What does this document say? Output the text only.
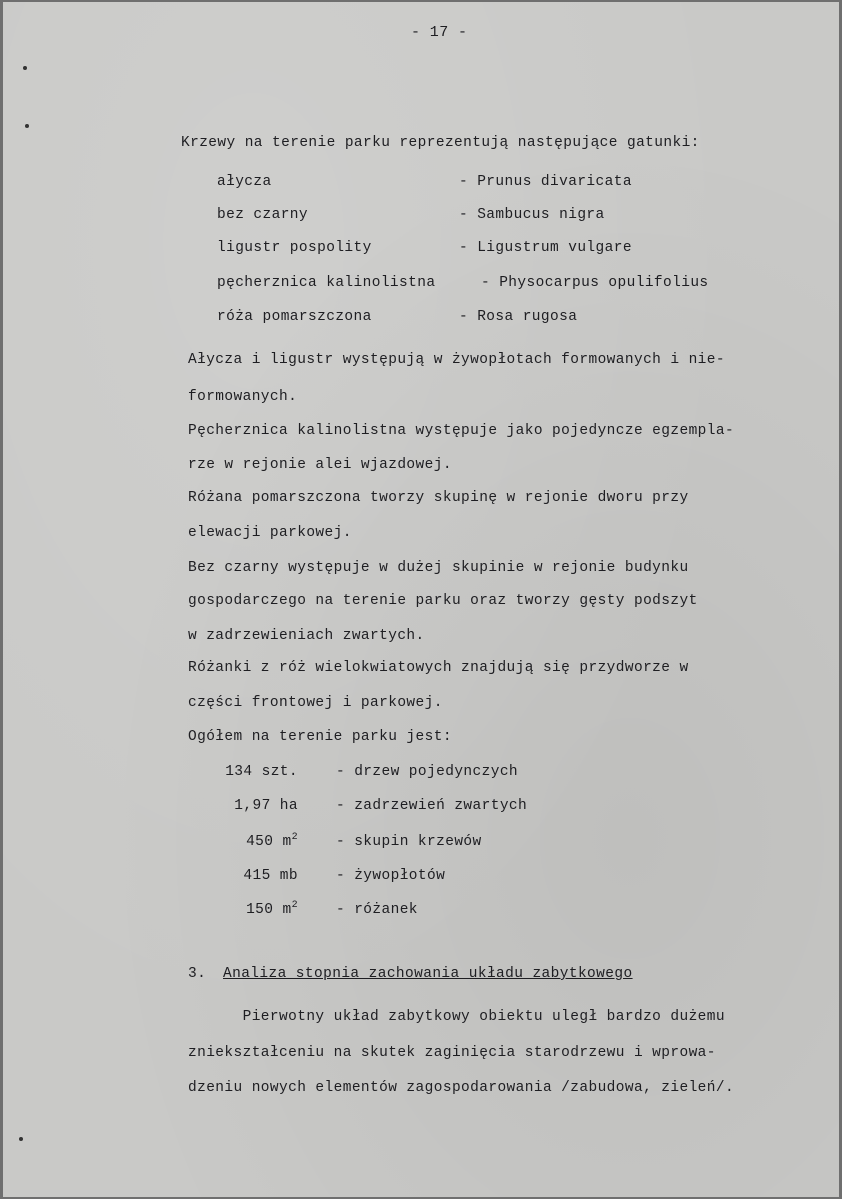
- 17 -
Krzewy na terenie parku reprezentują następujące gatunki:
ałycza	- Prunus divaricata
bez czarny	- Sambucus nigra
ligustr pospolity	- Ligustrum vulgare
pęcherznica kalinolistna	- Physocarpus opulifolius
róża pomarszczona	- Rosa rugosa
Ałycza i ligustr występują w żywopłotach formowanych i nie-
formowanych.
Pęcherznica kalinolistna występuje jako pojedyncze egzempla-
rze w rejonie alei wjazdowej.
Różana pomarszczona tworzy skupinę w rejonie dworu przy
elewacji parkowej.
Bez czarny występuje w dużej skupinie w rejonie budynku
gospodarczego na terenie parku oraz tworzy gęsty podszyt
w zadrzewieniach zwartych.
Różanki z róż wielokwiatowych znajdują się przydworze w
części frontowej i parkowej.
Ogółem na terenie parku jest:
134 szt.	- drzew pojedynczych
1,97 ha	- zadrzewień zwartych
450 $m^2$	- skupin krzewów
415 mb	- żywopłotów
150 $m^2$	- różanek
3. Analiza stopnia zachowania układu zabytkowego
Pierwotny układ zabytkowy obiektu uległ bardzo dużemu
zniekształceniu na skutek zaginięcia starodrzewu i wprowa-
dzeniu nowych elementów zagospodarowania /zabudowa, zieleń/.
